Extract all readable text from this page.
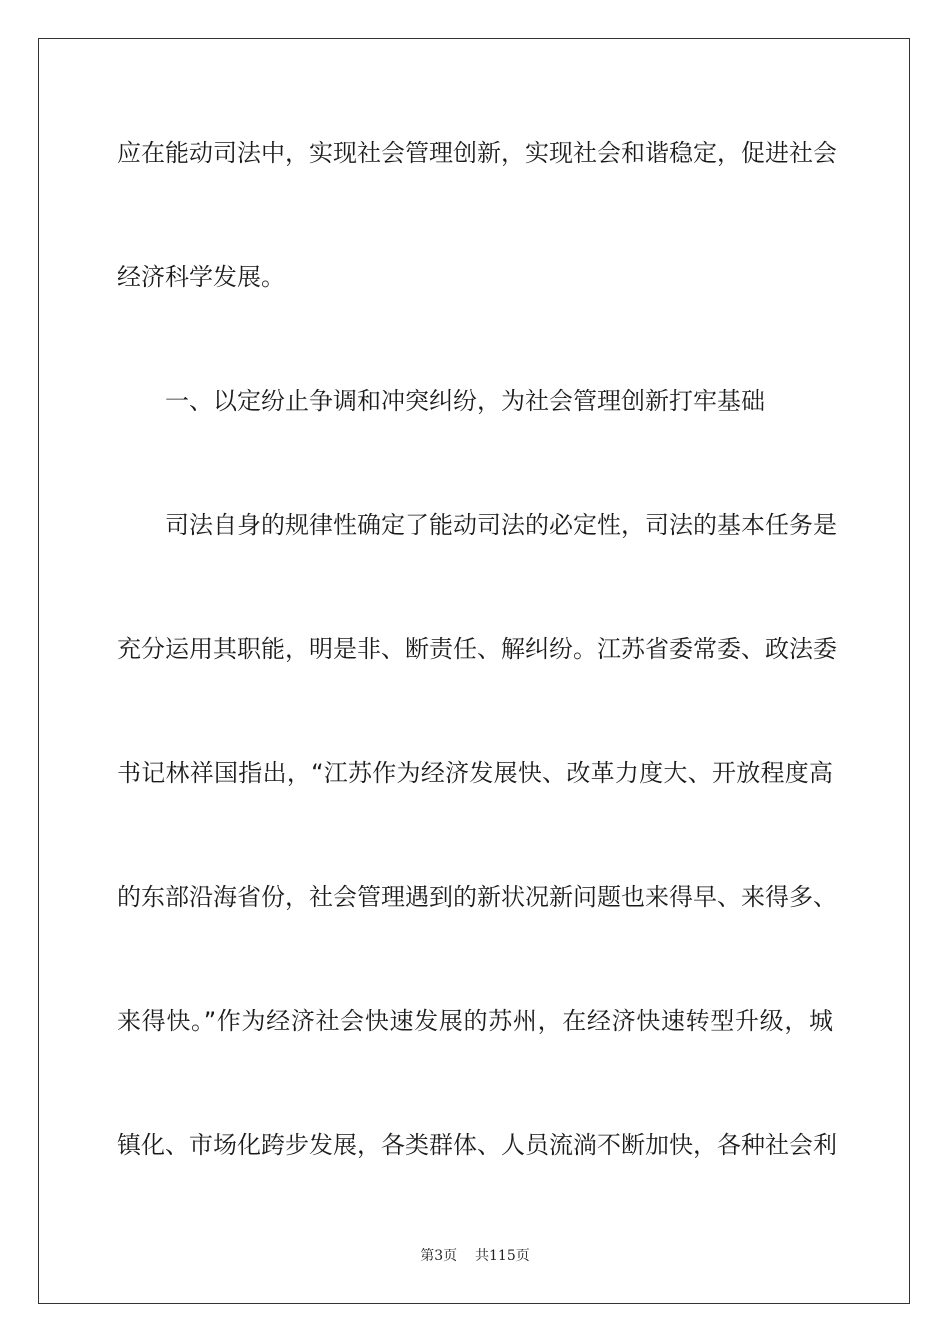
应在能动司法中，实现社会管理创新，实现社会和谐稳定，促进社会
经济科学发展。
一、以定纷止争调和冲突纠纷，为社会管理创新打牢基础
司法自身的规律性确定了能动司法的必定性，司法的基本任务是
充分运用其职能，明是非、断责任、解纠纷。江苏省委常委、政法委
书记林祥国指出，“江苏作为经济发展快、改革力度大、开放程度高
的东部沿海省份，社会管理遇到的新状况新问题也来得早、来得多、
来得快。”作为经济社会快速发展的苏州，在经济快速转型升级，城
镇化、市场化跨步发展，各类群体、人员流淌不断加快，各种社会利
第3页 共115页
